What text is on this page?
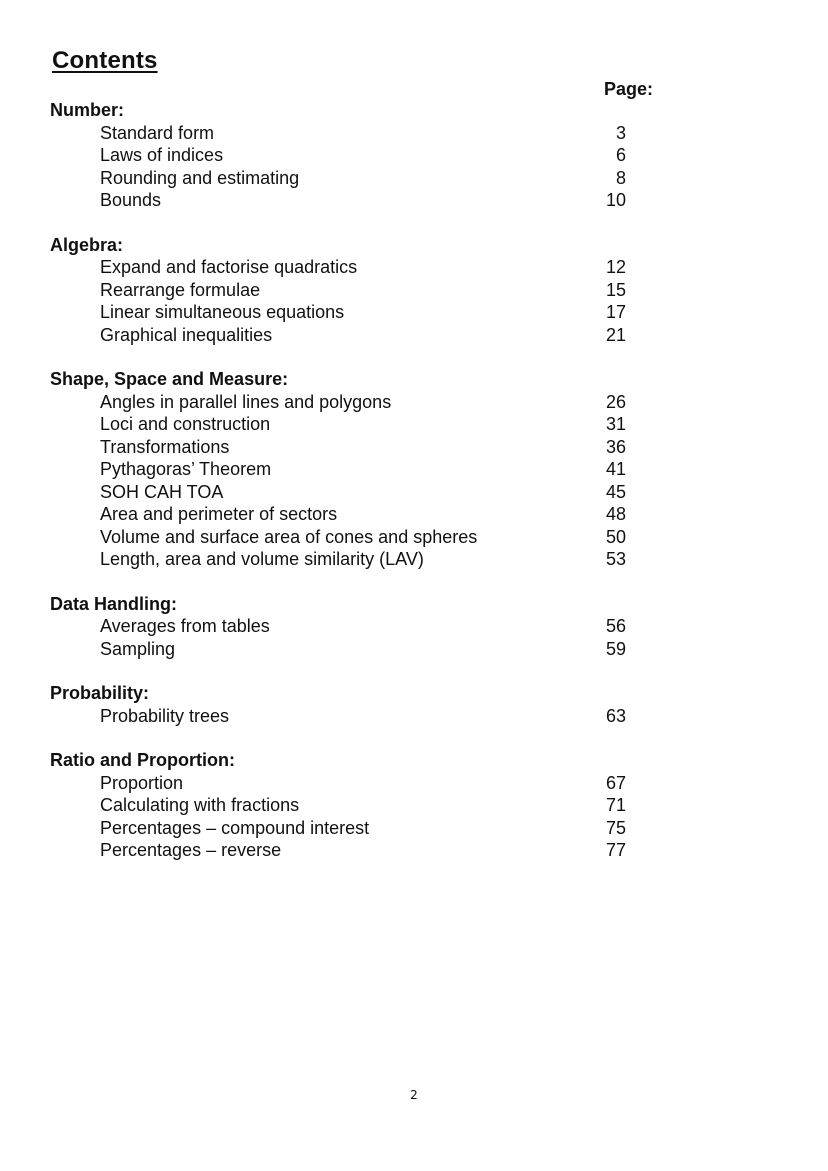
Contents
Page:
Number:
Standard form	3
Laws of indices	6
Rounding and estimating	8
Bounds	10
Algebra:
Expand and factorise quadratics	12
Rearrange formulae	15
Linear simultaneous equations	17
Graphical inequalities	21
Shape, Space and Measure:
Angles in parallel lines and polygons	26
Loci and construction	31
Transformations	36
Pythagoras’ Theorem	41
SOH CAH TOA	45
Area and perimeter of sectors	48
Volume and surface area of cones and spheres	50
Length, area and volume similarity (LAV)	53
Data Handling:
Averages from tables	56
Sampling	59
Probability:
Probability trees	63
Ratio and Proportion:
Proportion	67
Calculating with fractions	71
Percentages – compound interest	75
Percentages – reverse	77
2
